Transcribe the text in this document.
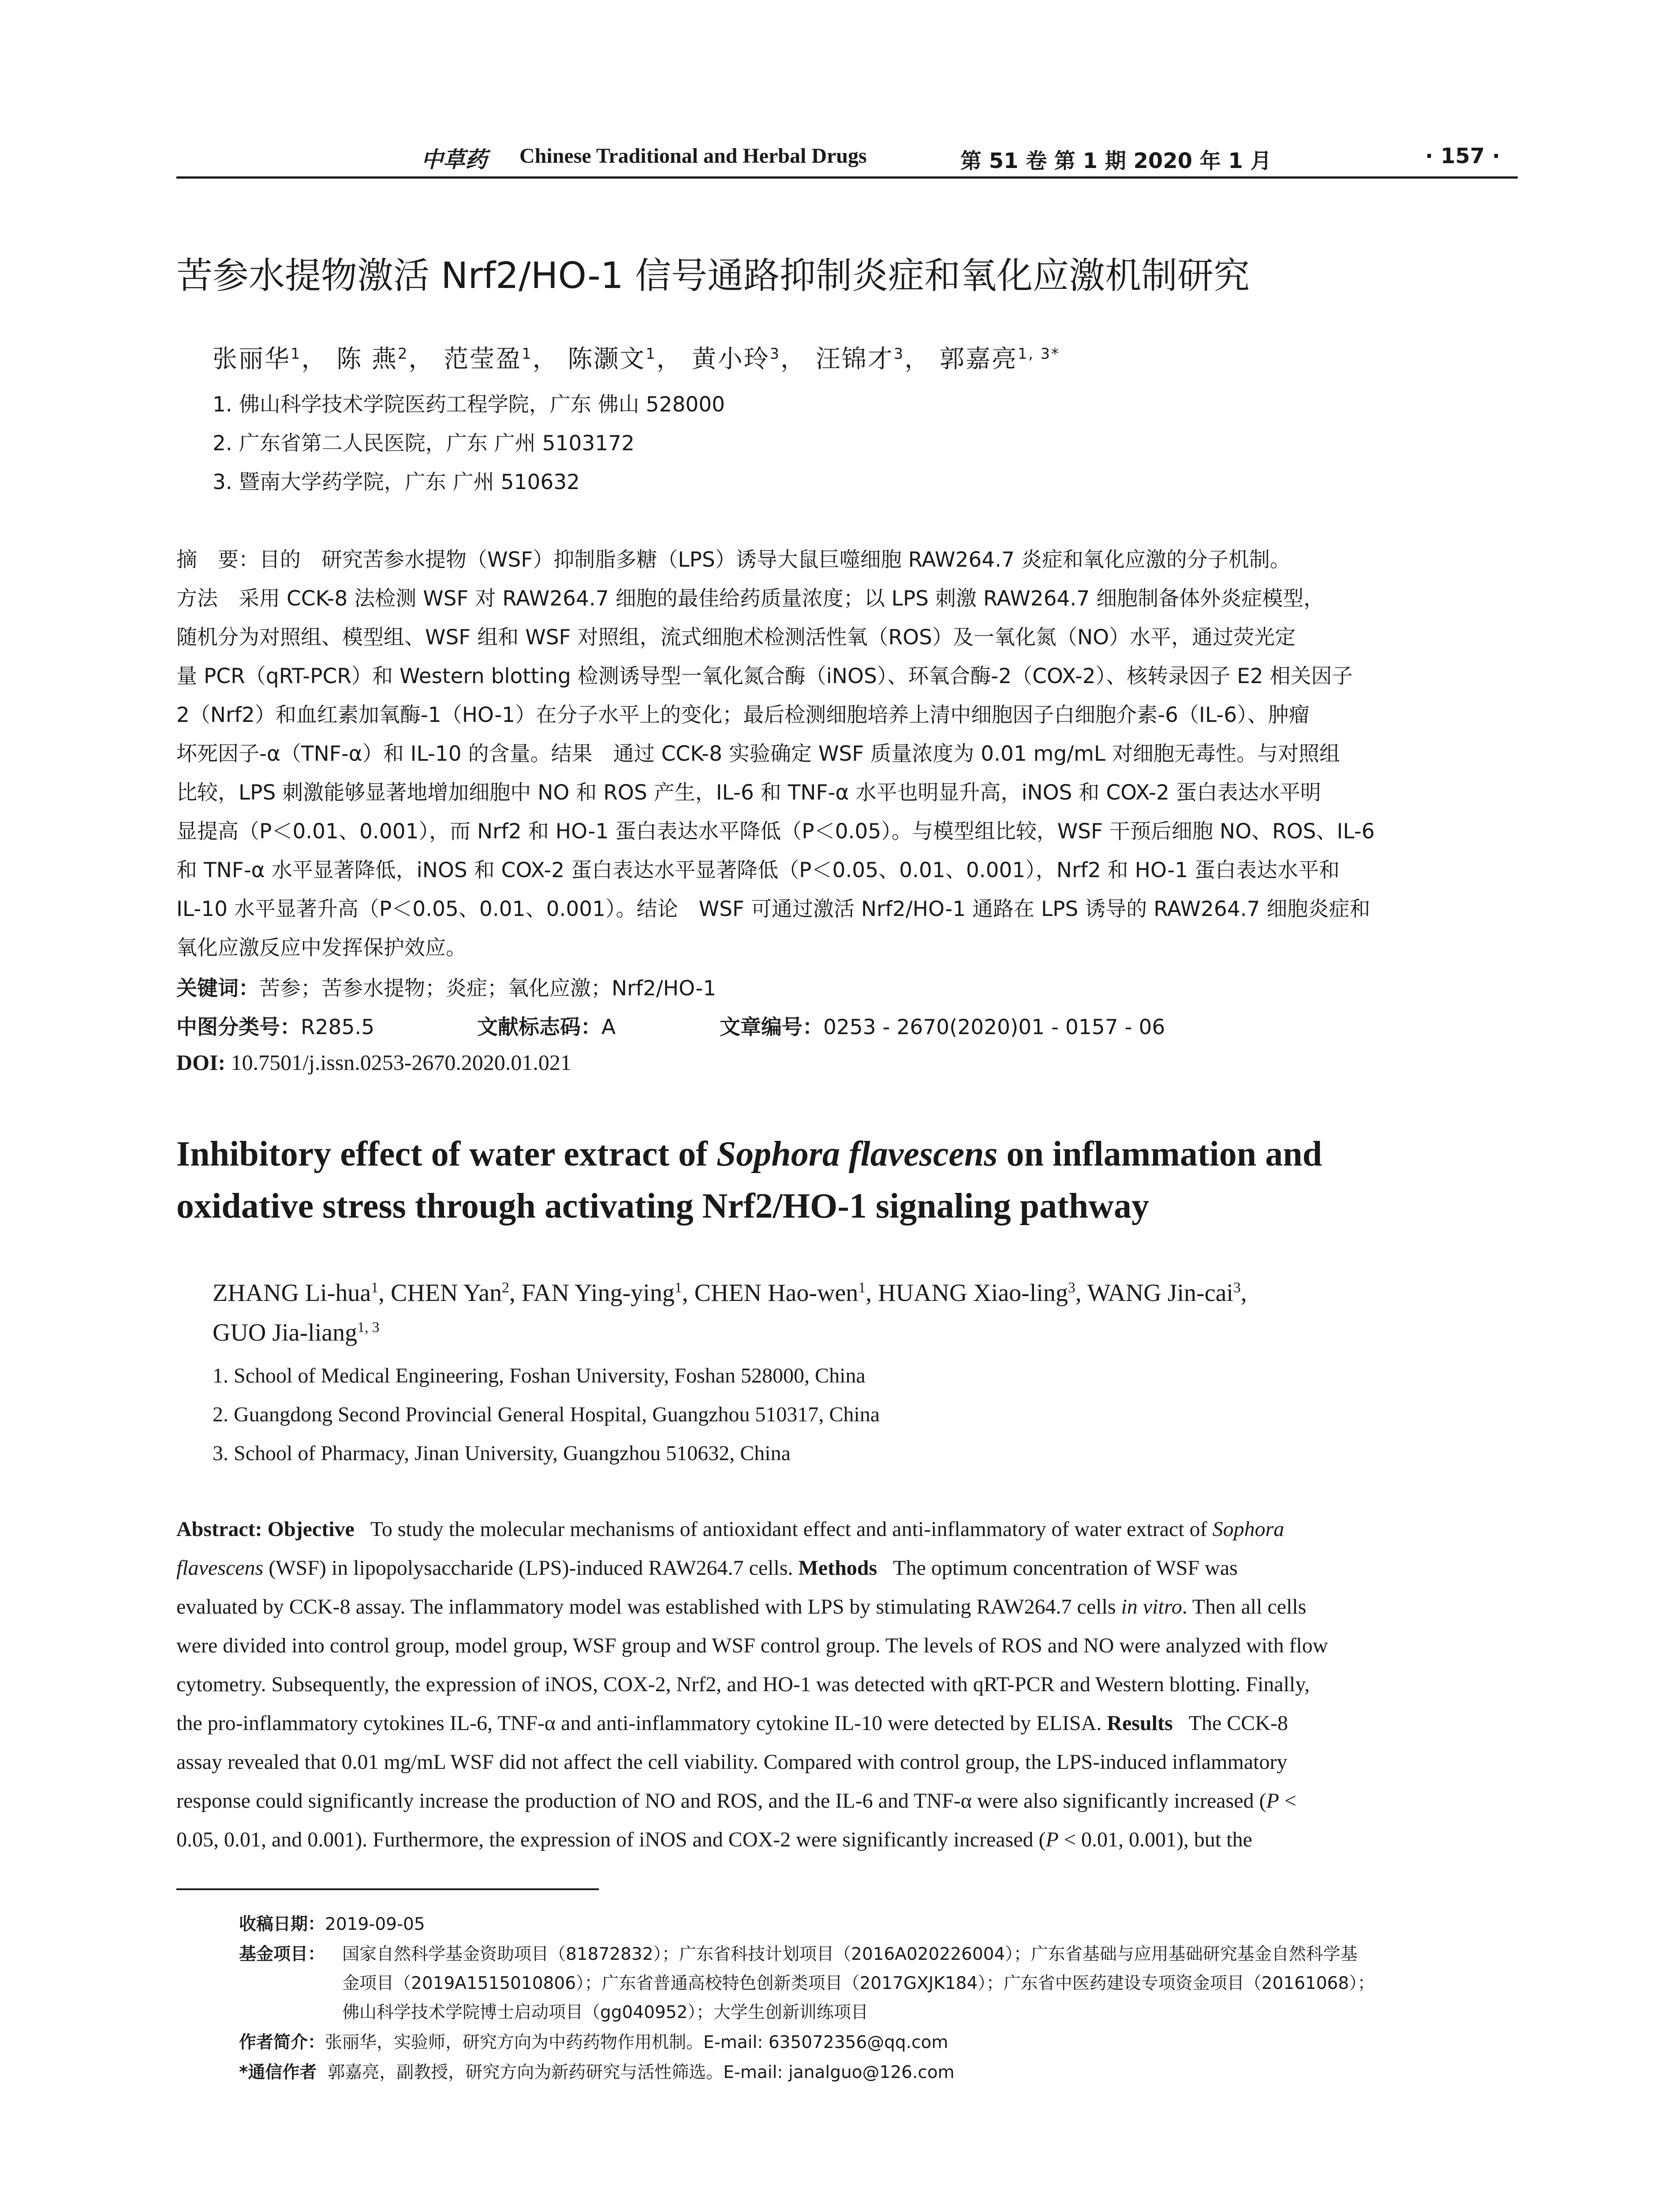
中草药 Chinese Traditional and Herbal Drugs	第 51 卷 第 1 期 2020 年 1 月	· 157 ·
苦参水提物激活 Nrf2/HO-1 信号通路抑制炎症和氧化应激机制研究
张丽华$^1$， 陈 燕$^2$， 范莹盈$^1$， 陈灏文$^1$， 黄小玲$^3$， 汪锦才$^3$， 郭嘉亮$^{1, 3*}$
1. 佛山科学技术学院医药工程学院，广东 佛山 528000
2. 广东省第二人民医院，广东 广州 5103172
3. 暨南大学药学院，广东 广州 510632
摘　要：目的　研究苦参水提物（WSF）抑制脂多糖（LPS）诱导大鼠巨噬细胞 RAW264.7 炎症和氧化应激的分子机制。
方法　采用 CCK-8 法检测 WSF 对 RAW264.7 细胞的最佳给药质量浓度；以 LPS 刺激 RAW264.7 细胞制备体外炎症模型，
随机分为对照组、模型组、WSF 组和 WSF 对照组，流式细胞术检测活性氧（ROS）及一氧化氮（NO）水平，通过荧光定
量 PCR（qRT-PCR）和 Western blotting 检测诱导型一氧化氮合酶（iNOS）、环氧合酶-2（COX-2）、核转录因子 E2 相关因子
2（Nrf2）和血红素加氧酶-1（HO-1）在分子水平上的变化；最后检测细胞培养上清中细胞因子白细胞介素-6（IL-6）、肿瘤
坏死因子-α（TNF-α）和 IL-10 的含量。结果　通过 CCK-8 实验确定 WSF 质量浓度为 0.01 mg/mL 对细胞无毒性。与对照组
比较，LPS 刺激能够显著地增加细胞中 NO 和 ROS 产生，IL-6 和 TNF-α 水平也明显升高，iNOS 和 COX-2 蛋白表达水平明
显提高（P＜0.01、0.001），而 Nrf2 和 HO-1 蛋白表达水平降低（P＜0.05）。与模型组比较，WSF 干预后细胞 NO、ROS、IL-6
和 TNF-α 水平显著降低，iNOS 和 COX-2 蛋白表达水平显著降低（P＜0.05、0.01、0.001），Nrf2 和 HO-1 蛋白表达水平和
IL-10 水平显著升高（P＜0.05、0.01、0.001）。结论　WSF 可通过激活 Nrf2/HO-1 通路在 LPS 诱导的 RAW264.7 细胞炎症和
氧化应激反应中发挥保护效应。
关键词：苦参；苦参水提物；炎症；氧化应激；Nrf2/HO-1
中图分类号：R285.5	文献标志码：A	文章编号：0253 - 2670(2020)01 - 0157 - 06
DOI: 10.7501/j.issn.0253-2670.2020.01.021
Inhibitory effect of water extract of Sophora flavescens on inflammation and
oxidative stress through activating Nrf2/HO-1 signaling pathway
ZHANG Li-hua$^1$, CHEN Yan$^2$, FAN Ying-ying$^1$, CHEN Hao-wen$^1$, HUANG Xiao-ling$^3$, WANG Jin-cai$^3$,
GUO Jia-liang$^{1, 3}$
1. School of Medical Engineering, Foshan University, Foshan 528000, China
2. Guangdong Second Provincial General Hospital, Guangzhou 510317, China
3. School of Pharmacy, Jinan University, Guangzhou 510632, China
Abstract: Objective To study the molecular mechanisms of antioxidant effect and anti-inflammatory of water extract of Sophora
flavescens (WSF) in lipopolysaccharide (LPS)-induced RAW264.7 cells. Methods The optimum concentration of WSF was
evaluated by CCK-8 assay. The inflammatory model was established with LPS by stimulating RAW264.7 cells in vitro. Then all cells
were divided into control group, model group, WSF group and WSF control group. The levels of ROS and NO were analyzed with flow
cytometry. Subsequently, the expression of iNOS, COX-2, Nrf2, and HO-1 was detected with qRT-PCR and Western blotting. Finally,
the pro-inflammatory cytokines IL-6, TNF-α and anti-inflammatory cytokine IL-10 were detected by ELISA. Results The CCK-8
assay revealed that 0.01 mg/mL WSF did not affect the cell viability. Compared with control group, the LPS-induced inflammatory
response could significantly increase the production of NO and ROS, and the IL-6 and TNF-α were also significantly increased (P <
0.05, 0.01, and 0.001). Furthermore, the expression of iNOS and COX-2 were significantly increased (P < 0.01, 0.001), but the
收稿日期：2019-09-05
基金项目： 国家自然科学基金资助项目（81872832）；广东省科技计划项目（2016A020226004）；广东省基础与应用基础研究基金自然科学基
金项目（2019A1515010806）；广东省普通高校特色创新类项目（2017GXJK184）；广东省中医药建设专项资金项目（20161068）；
佛山科学技术学院博士启动项目（gg040952）；大学生创新训练项目
作者简介：张丽华，实验师，研究方向为中药药物作用机制。E-mail: 635072356@qq.com
*通信作者 郭嘉亮，副教授，研究方向为新药研究与活性筛选。E-mail: janalguo@126.com
